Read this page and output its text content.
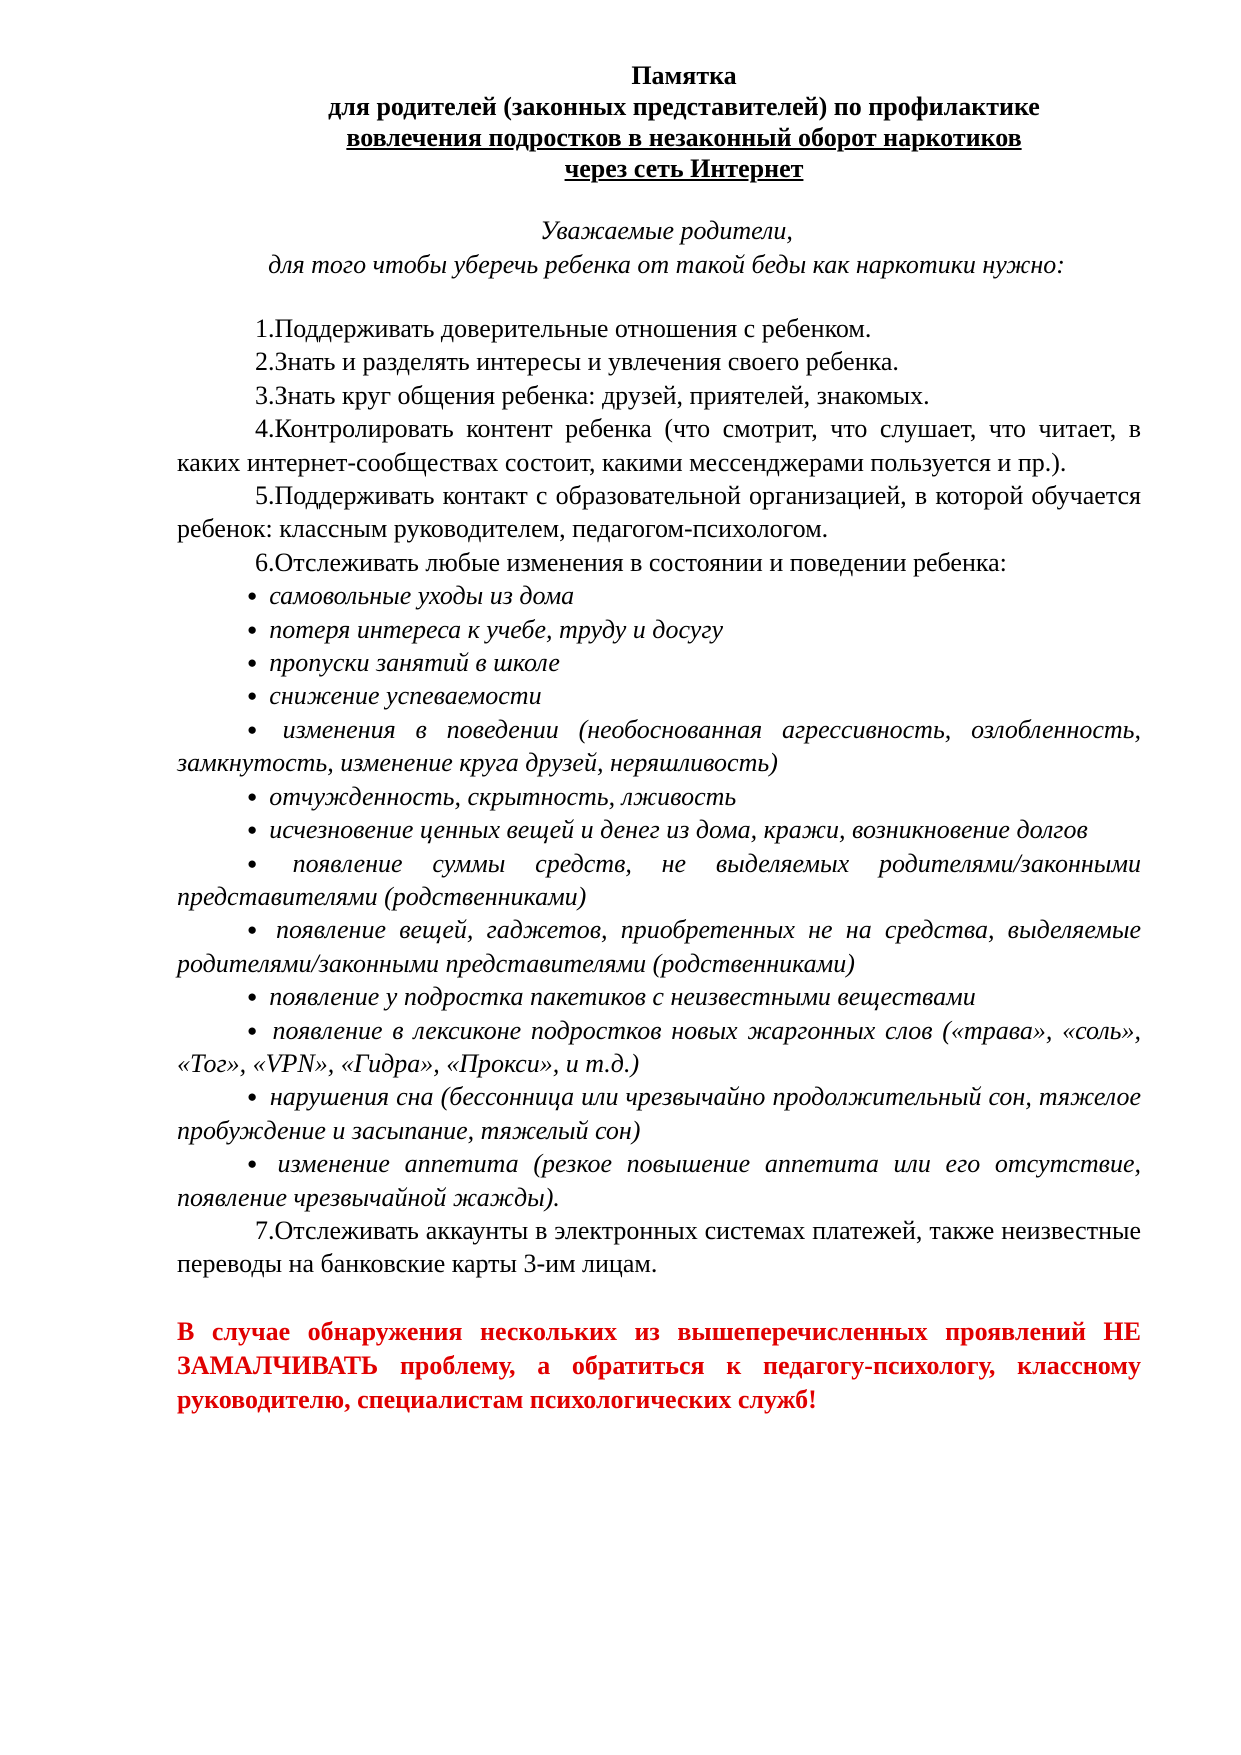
Памятка
для родителей (законных представителей) по профилактике
вовлечения подростков в незаконный оборот наркотиков
через сеть Интернет
Уважаемые родители,
для того чтобы уберечь ребенка от такой беды как наркотики нужно:

1.Поддерживать доверительные отношения с ребенком.

2.Знать и разделять интересы и увлечения своего ребенка.

3.Знать круг общения ребенка: друзей, приятелей, знакомых.

4.Контролировать контент ребенка (что смотрит, что слушает, что читает, в каких интернет-сообществах состоит, какими мессенджерами пользуется и пр.).

5.Поддерживать контакт с образовательной организацией, в которой обучается ребенок: классным руководителем, педагогом-психологом.

6.Отслеживать любые изменения в состоянии и поведении ребенка:

● самовольные уходы из дома

● потеря интереса к учебе, труду и досугу

● пропуски занятий в школе

● снижение успеваемости

● изменения в поведении (необоснованная агрессивность, озлобленность, замкнутость, изменение круга друзей, неряшливость)

● отчужденность, скрытность, лживость

● исчезновение ценных вещей и денег из дома, кражи, возникновение долгов

● появление суммы средств, не выделяемых родителями/законными представителями (родственниками)

● появление вещей, гаджетов, приобретенных не на средства, выделяемые родителями/законными представителями (родственниками)

● появление у подростка пакетиков с неизвестными веществами

● появление в лексиконе подростков новых жаргонных слов («трава», «соль», «Тог», «VPN», «Гидра», «Прокси», и т.д.)

● нарушения сна (бессонница или чрезвычайно продолжительный сон, тяжелое пробуждение и засыпание, тяжелый сон)

● изменение аппетита (резкое повышение аппетита или его отсутствие, появление чрезвычайной жажды).

7.Отслеживать аккаунты в электронных системах платежей, также неизвестные переводы на банковские карты 3-им лицам.

В случае обнаружения нескольких из вышеперечисленных проявлений НЕ ЗАМАЛЧИВАТЬ проблему, а обратиться к педагогу-психологу, классному руководителю, специалистам психологических служб!
